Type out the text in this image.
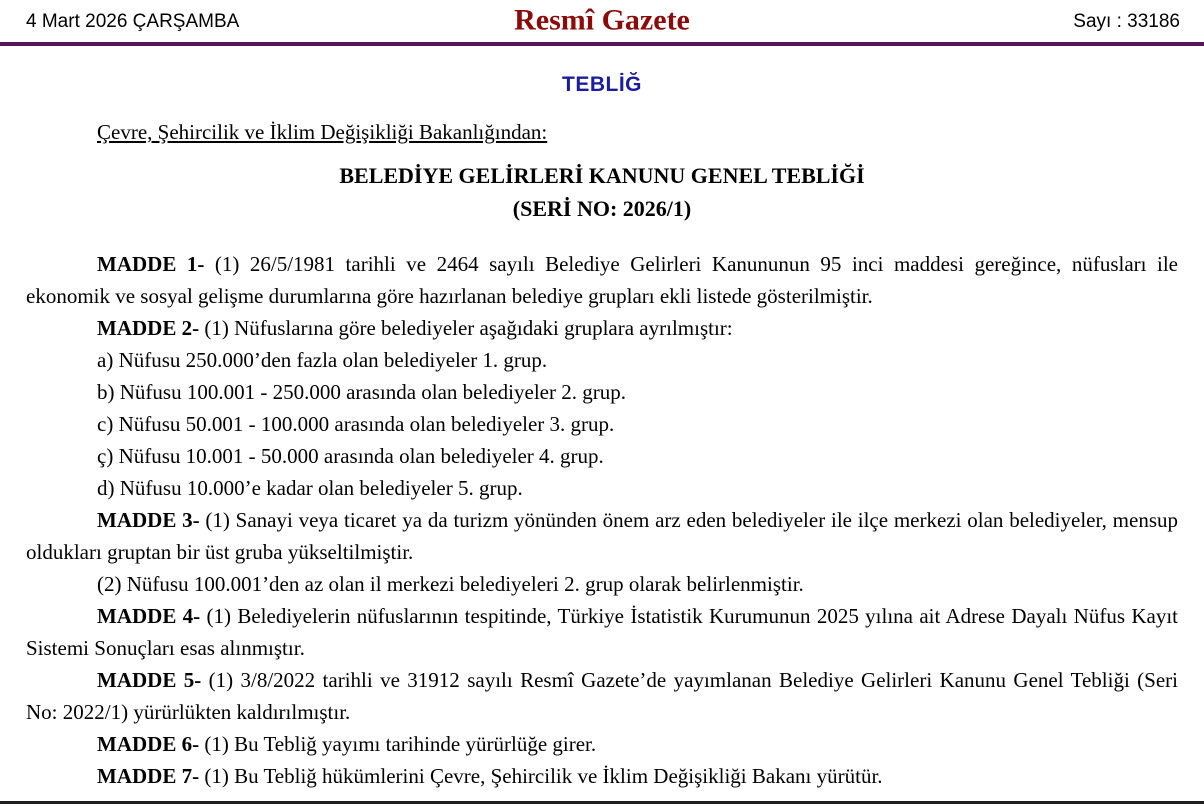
4 Mart 2026 ÇARŞAMBA	Resmî Gazete	Sayı : 33186
TEBLİĞ

Çevre, Şehircilik ve İklim Değişikliği Bakanlığından:

BELEDİYE GELİRLERİ KANUNU GENEL TEBLİĞİ
(SERİ NO: 2026/1)

MADDE 1- (1) 26/5/1981 tarihli ve 2464 sayılı Belediye Gelirleri Kanununun 95 inci maddesi gereğince, nüfusları ile ekonomik ve sosyal gelişme durumlarına göre hazırlanan belediye grupları ekli listede gösterilmiştir.

MADDE 2- (1) Nüfuslarına göre belediyeler aşağıdaki gruplara ayrılmıştır:

a) Nüfusu 250.000’den fazla olan belediyeler 1. grup.

b) Nüfusu 100.001 - 250.000 arasında olan belediyeler 2. grup.

c) Nüfusu 50.001 - 100.000 arasında olan belediyeler 3. grup.

ç) Nüfusu 10.001 - 50.000 arasında olan belediyeler 4. grup.

d) Nüfusu 10.000’e kadar olan belediyeler 5. grup.

MADDE 3- (1) Sanayi veya ticaret ya da turizm yönünden önem arz eden belediyeler ile ilçe merkezi olan belediyeler, mensup oldukları gruptan bir üst gruba yükseltilmiştir.

(2) Nüfusu 100.001’den az olan il merkezi belediyeleri 2. grup olarak belirlenmiştir.

MADDE 4- (1) Belediyelerin nüfuslarının tespitinde, Türkiye İstatistik Kurumunun 2025 yılına ait Adrese Dayalı Nüfus Kayıt Sistemi Sonuçları esas alınmıştır.

MADDE 5- (1) 3/8/2022 tarihli ve 31912 sayılı Resmî Gazete’de yayımlanan Belediye Gelirleri Kanunu Genel Tebliği (Seri No: 2022/1) yürürlükten kaldırılmıştır.

MADDE 6- (1) Bu Tebliğ yayımı tarihinde yürürlüğe girer.

MADDE 7- (1) Bu Tebliğ hükümlerini Çevre, Şehircilik ve İklim Değişikliği Bakanı yürütür.
